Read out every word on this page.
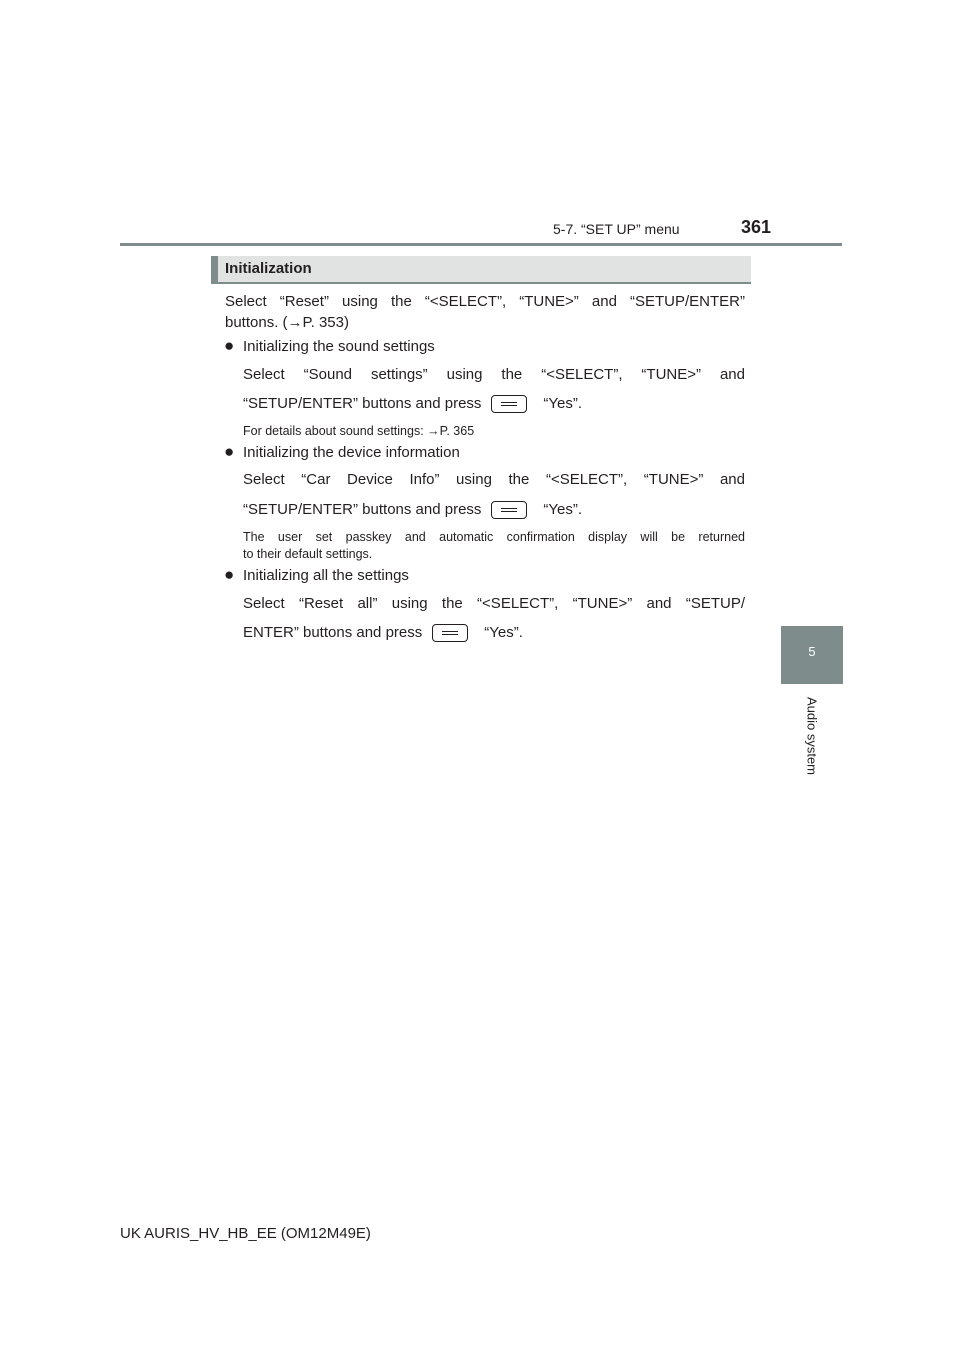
5-7. “SET UP” menu	361
Initialization
Select “Reset” using the “<SELECT”, “TUNE>” and “SETUP/ENTER”
buttons. (→P. 353)
● Initializing the sound settings
Select “Sound settings” using the “<SELECT”, “TUNE>” and
“SETUP/ENTER” buttons and press	“Yes”.
For details about sound settings: →P. 365
● Initializing the device information
Select “Car Device Info” using the “<SELECT”, “TUNE>” and
“SETUP/ENTER” buttons and press	“Yes”.
The user set passkey and automatic confirmation display will be returned
to their default settings.
● Initializing all the settings
Select “Reset all” using the “<SELECT”, “TUNE>” and “SETUP/
ENTER” buttons and press	“Yes”.
5
Audio system
UK AURIS_HV_HB_EE (OM12M49E)
